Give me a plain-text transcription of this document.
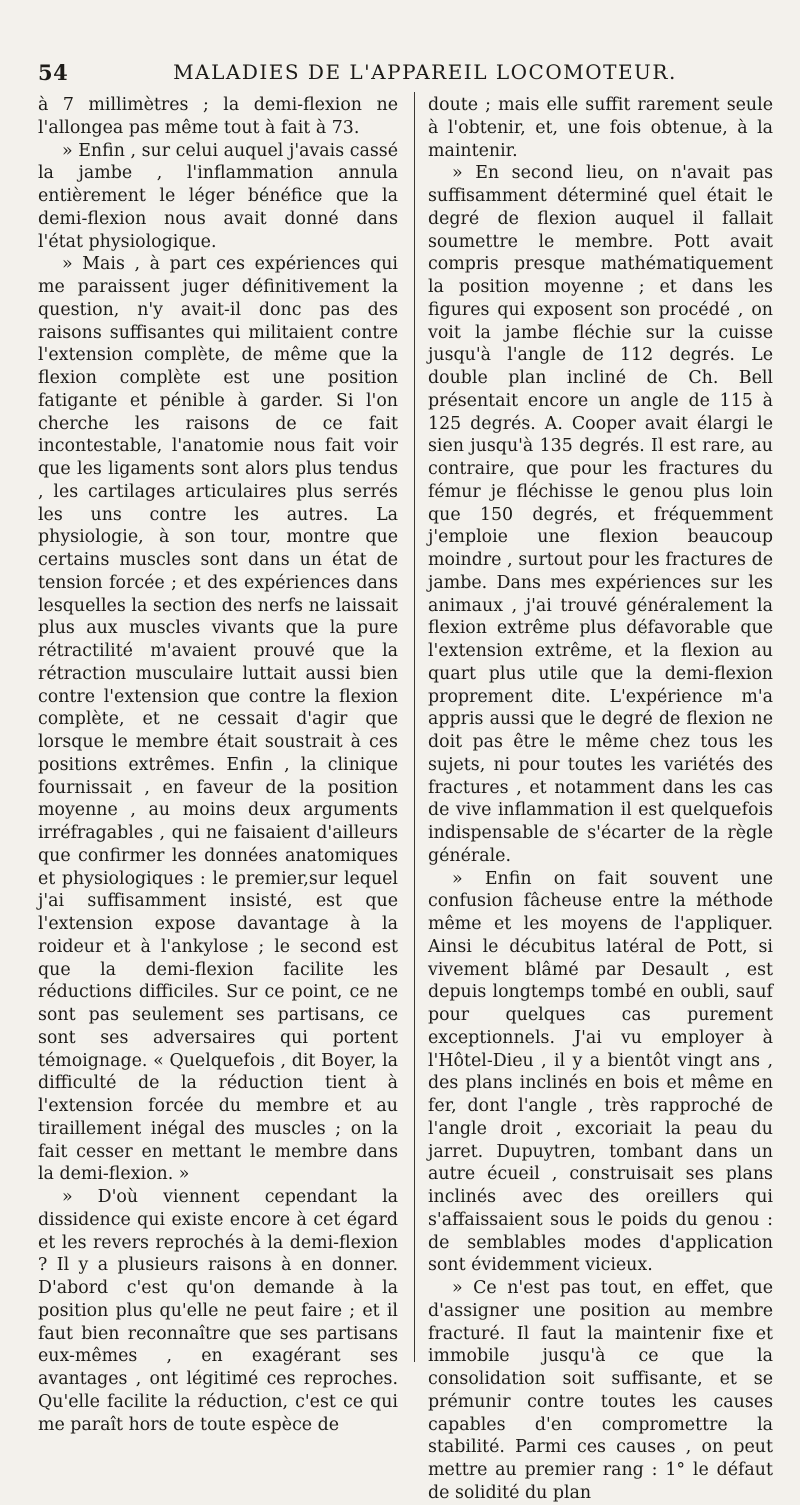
54	MALADIES DE L'APPAREIL LOCOMOTEUR.

à 7 millimètres ; la demi-flexion ne l'allongea pas même tout à fait à 73.

» Enfin , sur celui auquel j'avais cassé la jambe , l'inflammation annula entièrement le léger bénéfice que la demi-flexion nous avait donné dans l'état physiologique.

» Mais , à part ces expériences qui me paraissent juger définitivement la question, n'y avait-il donc pas des raisons suffisantes qui militaient contre l'extension complète, de même que la flexion complète est une position fatigante et pénible à garder. Si l'on cherche les raisons de ce fait incontestable, l'anatomie nous fait voir que les ligaments sont alors plus tendus , les cartilages articulaires plus serrés les uns contre les autres. La physiologie, à son tour, montre que certains muscles sont dans un état de tension forcée ; et des expériences dans lesquelles la section des nerfs ne laissait plus aux muscles vivants que la pure rétractilité m'avaient prouvé que la rétraction musculaire luttait aussi bien contre l'extension que contre la flexion complète, et ne cessait d'agir que lorsque le membre était soustrait à ces positions extrêmes. Enfin , la clinique fournissait , en faveur de la position moyenne , au moins deux arguments irréfragables , qui ne faisaient d'ailleurs que confirmer les données anatomiques et physiologiques : le premier,sur lequel j'ai suffisamment insisté, est que l'extension expose davantage à la roideur et à l'ankylose ; le second est que la demi-flexion facilite les réductions difficiles. Sur ce point, ce ne sont pas seulement ses partisans, ce sont ses adversaires qui portent témoignage. « Quelquefois , dit Boyer, la difficulté de la réduction tient à l'extension forcée du membre et au tiraillement inégal des muscles ; on la fait cesser en mettant le membre dans la demi-flexion. »

» D'où viennent cependant la dissidence qui existe encore à cet égard et les revers reprochés à la demi-flexion ? Il y a plusieurs raisons à en donner. D'abord c'est qu'on demande à la position plus qu'elle ne peut faire ; et il faut bien reconnaître que ses partisans eux-mêmes , en exagérant ses avantages , ont légitimé ces reproches. Qu'elle facilite la réduction, c'est ce qui me paraît hors de toute espèce de

doute ; mais elle suffit rarement seule à l'obtenir, et, une fois obtenue, à la maintenir.

» En second lieu, on n'avait pas suffisamment déterminé quel était le degré de flexion auquel il fallait soumettre le membre. Pott avait compris presque mathématiquement la position moyenne ; et dans les figures qui exposent son procédé , on voit la jambe fléchie sur la cuisse jusqu'à l'angle de 112 degrés. Le double plan incliné de Ch. Bell présentait encore un angle de 115 à 125 degrés. A. Cooper avait élargi le sien jusqu'à 135 degrés. Il est rare, au contraire, que pour les fractures du fémur je fléchisse le genou plus loin que 150 degrés, et fréquemment j'emploie une flexion beaucoup moindre , surtout pour les fractures de jambe. Dans mes expériences sur les animaux , j'ai trouvé généralement la flexion extrême plus défavorable que l'extension extrême, et la flexion au quart plus utile que la demi-flexion proprement dite. L'expérience m'a appris aussi que le degré de flexion ne doit pas être le même chez tous les sujets, ni pour toutes les variétés des fractures , et notamment dans les cas de vive inflammation il est quelquefois indispensable de s'écarter de la règle générale.

» Enfin on fait souvent une confusion fâcheuse entre la méthode même et les moyens de l'appliquer. Ainsi le décubitus latéral de Pott, si vivement blâmé par Desault , est depuis longtemps tombé en oubli, sauf pour quelques cas purement exceptionnels. J'ai vu employer à l'Hôtel-Dieu , il y a bientôt vingt ans , des plans inclinés en bois et même en fer, dont l'angle , très rapproché de l'angle droit , excoriait la peau du jarret. Dupuytren, tombant dans un autre écueil , construisait ses plans inclinés avec des oreillers qui s'affaissaient sous le poids du genou : de semblables modes d'application sont évidemment vicieux.

» Ce n'est pas tout, en effet, que d'assigner une position au membre fracturé. Il faut la maintenir fixe et immobile jusqu'à ce que la consolidation soit suffisante, et se prémunir contre toutes les causes capables d'en compromettre la stabilité. Parmi ces causes , on peut mettre au premier rang : 1° le défaut de solidité du plan
